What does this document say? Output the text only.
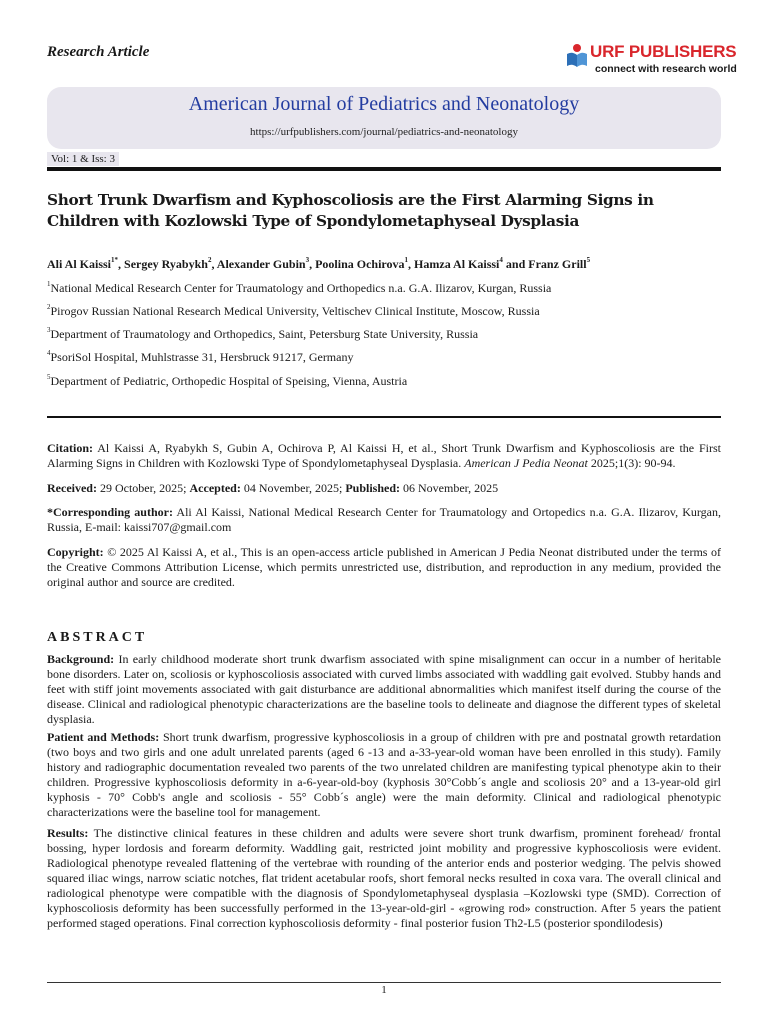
Research Article	URF PUBLISHERS
connect with research world
American Journal of Pediatrics and Neonatology
https://urfpublishers.com/journal/pediatrics-and-neonatology
Vol: 1 & Iss: 3
Short Trunk Dwarfism and Kyphoscoliosis are the First Alarming Signs in Children with Kozlowski Type of Spondylometaphyseal Dysplasia
Ali Al Kaissi$^{1*}$, Sergey Ryabykh$^2$, Alexander Gubin$^3$, Poolina Ochirova$^1$, Hamza Al Kaissi$^4$ and Franz Grill$^5$
$^1$National Medical Research Center for Traumatology and Orthopedics n.a. G.A. Ilizarov, Kurgan, Russia
$^2$Pirogov Russian National Research Medical University, Veltischev Clinical Institute, Moscow, Russia
$^3$Department of Traumatology and Orthopedics, Saint, Petersburg State University, Russia
$^4$PsoriSol Hospital, Muhlstrasse 31, Hersbruck 91217, Germany
$^5$Department of Pediatric, Orthopedic Hospital of Speising, Vienna, Austria
Citation: Al Kaissi A, Ryabykh S, Gubin A, Ochirova P, Al Kaissi H, et al., Short Trunk Dwarfism and Kyphoscoliosis are the First Alarming Signs in Children with Kozlowski Type of Spondylometaphyseal Dysplasia. American J Pedia Neonat 2025;1(3): 90-94.
Received: 29 October, 2025; Accepted: 04 November, 2025; Published: 06 November, 2025
*Corresponding author: Ali Al Kaissi, National Medical Research Center for Traumatology and Ortopedics n.a. G.A. Ilizarov, Kurgan, Russia, E-mail: kaissi707@gmail.com
Copyright: © 2025 Al Kaissi A, et al., This is an open-access article published in American J Pedia Neonat distributed under the terms of the Creative Commons Attribution License, which permits unrestricted use, distribution, and reproduction in any medium, provided the original author and source are credited.
ABSTRACT
Background: In early childhood moderate short trunk dwarfism associated with spine misalignment can occur in a number of heritable bone disorders. Later on, scoliosis or kyphoscoliosis associated with curved limbs associated with waddling gait evolved. Stubby hands and feet with stiff joint movements associated with gait disturbance are additional abnormalities which manifest itself during the course of the disease. Clinical and radiological phenotypic characterizations are the baseline tools to delineate and diagnose the different types of skeletal dysplasia.
Patient and Methods: Short trunk dwarfism, progressive kyphoscoliosis in a group of children with pre and postnatal growth retardation (two boys and two girls and one adult unrelated parents (aged 6 -13 and a-33-year-old woman have been enrolled in this study). Family history and radiographic documentation revealed two parents of the two unrelated children are manifesting typical phenotype akin to their children. Progressive kyphoscoliosis deformity in a-6-year-old-boy (kyphosis 30°Cobb´s angle and scoliosis 20° and a 13-year-old girl kyphosis - 70° Cobb's angle and scoliosis - 55° Cobb´s angle) were the main deformity. Clinical and radiological phenotypic characterizations were the baseline tool for management.
Results: The distinctive clinical features in these children and adults were severe short trunk dwarfism, prominent forehead/ frontal bossing, hyper lordosis and forearm deformity. Waddling gait, restricted joint mobility and progressive kyphoscoliosis were evident. Radiological phenotype revealed flattening of the vertebrae with rounding of the anterior ends and posterior wedging. The pelvis showed squared iliac wings, narrow sciatic notches, flat trident acetabular roofs, short femoral necks resulted in coxa vara. The overall clinical and radiological phenotype were compatible with the diagnosis of Spondylometaphyseal dysplasia –Kozlowski type (SMD). Correction of kyphoscoliosis deformity has been successfully performed in the 13-year-old-girl - «growing rod» construction. After 5 years the patient performed staged operations. Final correction kyphoscoliosis deformity - final posterior fusion Th2-L5 (posterior spondilodesis)
1
